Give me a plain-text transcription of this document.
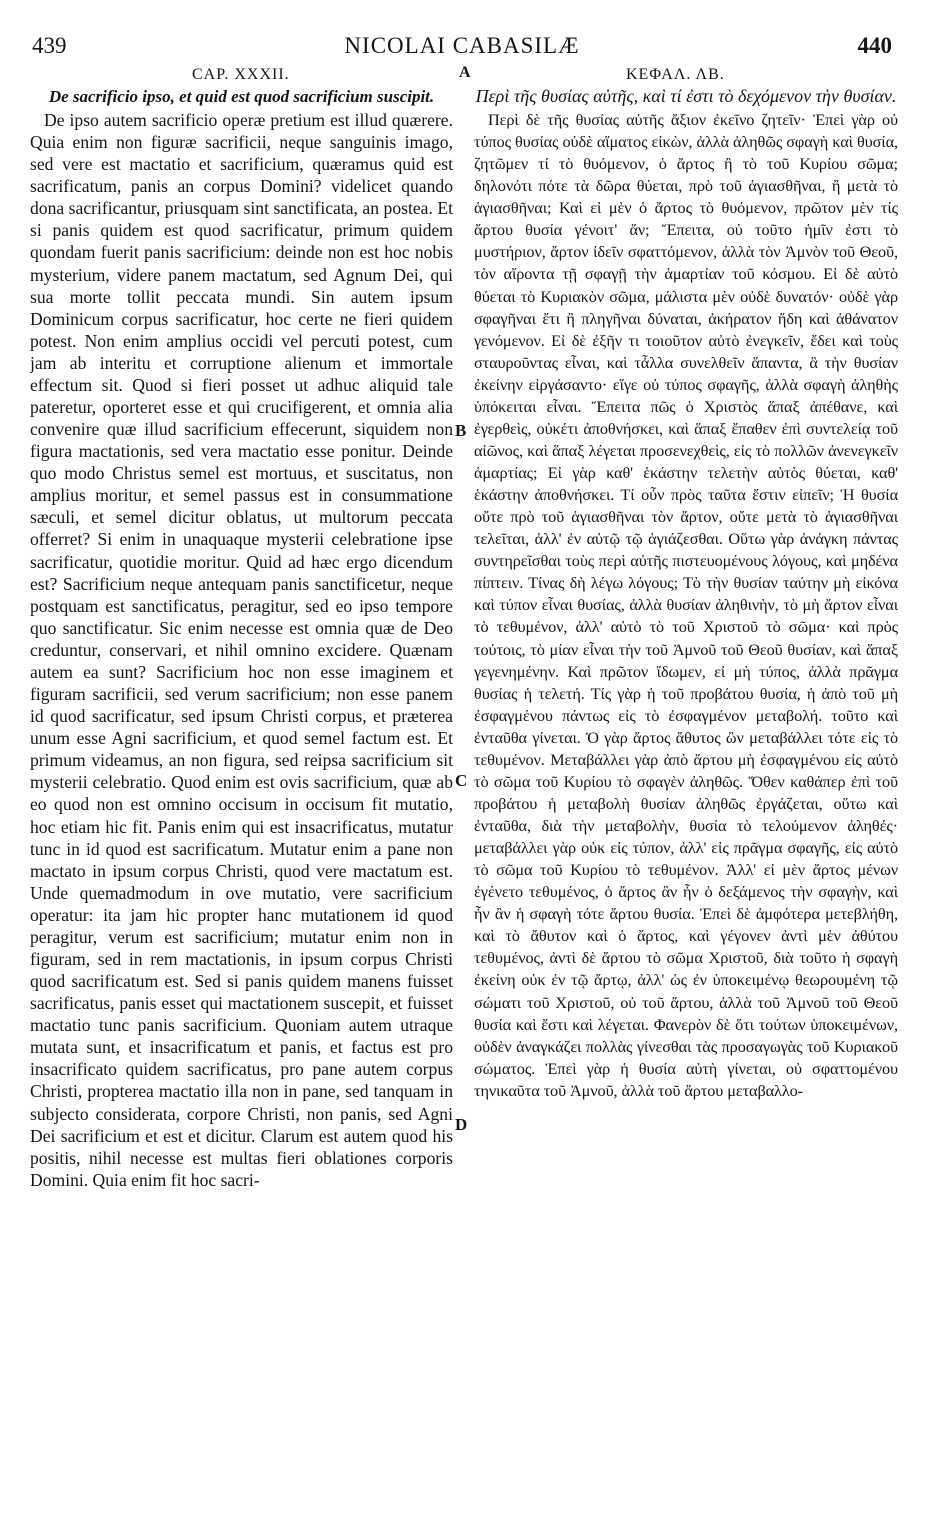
439	NICOLAI CABASILÆ	440
CAP. XXXII.	A	ΚΕΦΑΛ. ΛΒ.

De sacrificio ipso, et quid est quod sacrificium suscipit.

De ipso autem sacrificio operæ pretium est illud quærere. Quia enim non figuræ sacrificii, neque sanguinis imago, sed vere est mactatio et sacrificium, quæramus quid est sacrificatum, panis an corpus Domini? videlicet quando dona sacrificantur, priusquam sint sanctificata, an postea. Et si panis quidem est quod sacrificatur, primum quidem quondam fuerit panis sacrificium: deinde non est hoc nobis mysterium, videre panem mactatum, sed Agnum Dei, qui sua morte tollit peccata mundi. Sin autem ipsum Dominicum corpus sacrificatur, hoc certe ne fieri quidem potest. Non enim amplius occidi vel percuti potest, cum jam ab interitu et corruptione alienum et immortale effectum sit. Quod si fieri posset ut adhuc aliquid tale pateretur, oporteret esse et qui crucifigerent, et omnia alia convenire quæ illud sacrificium effecerunt, siquidem non figura mactationis, sed vera mactatio esse ponitur. Deinde quo modo Christus semel est mortuus, et suscitatus, non amplius moritur, et semel passus est in consummatione sæculi, et semel dicitur oblatus, ut multorum peccata offerret? Si enim in unaquaque mysterii celebratione ipse sacrificatur, quotidie moritur. Quid ad hæc ergo dicendum est? Sacrificium neque antequam panis sanctificetur, neque postquam est sanctificatus, peragitur, sed eo ipso tempore quo sanctificatur. Sic enim necesse est omnia quæ de Deo creduntur, conservari, et nihil omnino excidere. Quænam autem ea sunt? Sacrificium hoc non esse imaginem et figuram sacrificii, sed verum sacrificium; non esse panem id quod sacrificatur, sed ipsum Christi corpus, et præterea unum esse Agni sacrificium, et quod semel factum est. Et primum videamus, an non figura, sed reipsa sacrificium sit mysterii celebratio. Quod enim est ovis sacrificium, quæ ab eo quod non est omnino occisum in occisum fit mutatio, hoc etiam hic fit. Panis enim qui est insacrificatus, mutatur tunc in id quod est sacrificatum. Mutatur enim a pane non mactato in ipsum corpus Christi, quod vere mactatum est. Unde quemadmodum in ove mutatio, vere sacrificium operatur: ita jam hic propter hanc mutationem id quod peragitur, verum est sacrificium; mutatur enim non in figuram, sed in rem mactationis, in ipsum corpus Christi quod sacrificatum est. Sed si panis quidem manens fuisset sacrificatus, panis esset qui mactationem suscepit, et fuisset mactatio tunc panis sacrificium. Quoniam autem utraque mutata sunt, et insacrificatum et panis, et factus est pro insacrificato quidem sacrificatus, pro pane autem corpus Christi, propterea mactatio illa non in pane, sed tanquam in subjecto considerata, corpore Christi, non panis, sed Agni Dei sacrificium et est et dicitur. Clarum est autem quod his positis, nihil necesse est multas fieri oblationes corporis Domini. Quia enim fit hoc sacri-

B
C
D

Περὶ τῆς θυσίας αὐτῆς, καὶ τί ἐστι τὸ δεχόμενον τὴν θυσίαν.

Περὶ δὲ τῆς θυσίας αὐτῆς ἄξιον ἐκεῖνο ζητεῖν· Ἐπεὶ γὰρ οὐ τύπος θυσίας οὐδὲ αἵματος εἰκὼν, ἀλλὰ ἀληθῶς σφαγὴ καὶ θυσία, ζητῶμεν τί τὸ θυόμενον, ὁ ἄρτος ἢ τὸ τοῦ Κυρίου σῶμα; δηλονότι πότε τὰ δῶρα θύεται, πρὸ τοῦ ἁγιασθῆναι, ἢ μετὰ τὸ ἁγιασθῆναι; Καὶ εἰ μὲν ὁ ἄρτος τὸ θυόμενον, πρῶτον μὲν τίς ἄρτου θυσία γένοιτ' ἄν; Ἔπειτα, οὐ τοῦτο ἡμῖν ἐστι τὸ μυστήριον, ἄρτον ἰδεῖν σφαττόμενον, ἀλλὰ τὸν Ἀμνὸν τοῦ Θεοῦ, τὸν αἴροντα τῇ σφαγῇ τὴν ἁμαρτίαν τοῦ κόσμου. Εἰ δὲ αὐτὸ θύεται τὸ Κυριακὸν σῶμα, μάλιστα μὲν οὐδὲ δυνατόν· οὐδὲ γὰρ σφαγῆναι ἔτι ἢ πληγῆναι δύναται, ἀκήρατον ἤδη καὶ ἀθάνατον γενόμενον. Εἰ δὲ ἐξῆν τι τοιοῦτον αὐτὸ ἐνεγκεῖν, ἔδει καὶ τοὺς σταυροῦντας εἶναι, καὶ τἆλλα συνελθεῖν ἅπαντα, ἃ τὴν θυσίαν ἐκείνην εἰργάσαντο· εἴγε οὐ τύπος σφαγῆς, ἀλλὰ σφαγὴ ἀληθὴς ὑπόκειται εἶναι. Ἔπειτα πῶς ὁ Χριστὸς ἅπαξ ἀπέθανε, καὶ ἐγερθεὶς, οὐκέτι ἀποθνήσκει, καὶ ἅπαξ ἔπαθεν ἐπὶ συντελείᾳ τοῦ αἰῶνος, καὶ ἅπαξ λέγεται προσενεχθεὶς, εἰς τὸ πολλῶν ἀνενεγκεῖν ἁμαρτίας; Εἰ γὰρ καθ' ἑκάστην τελετὴν αὐτὸς θύεται, καθ' ἑκάστην ἀποθνήσκει. Τί οὖν πρὸς ταῦτα ἔστιν εἰπεῖν; Ἡ θυσία οὔτε πρὸ τοῦ ἁγιασθῆναι τὸν ἄρτον, οὔτε μετὰ τὸ ἁγιασθῆναι τελεῖται, ἀλλ' ἐν αὐτῷ τῷ ἁγιάζεσθαι. Οὕτω γὰρ ἀνάγκη πάντας συντηρεῖσθαι τοὺς περὶ αὐτῆς πιστευομένους λόγους, καὶ μηδένα πίπτειν. Τίνας δὴ λέγω λόγους; Τὸ τὴν θυσίαν ταύτην μὴ εἰκόνα καὶ τύπον εἶναι θυσίας, ἀλλὰ θυσίαν ἀληθινὴν, τὸ μὴ ἄρτον εἶναι τὸ τεθυμένον, ἀλλ' αὐτὸ τὸ τοῦ Χριστοῦ τὸ σῶμα· καὶ πρὸς τούτοις, τὸ μίαν εἶναι τὴν τοῦ Ἀμνοῦ τοῦ Θεοῦ θυσίαν, καὶ ἅπαξ γεγενημένην. Καὶ πρῶτον ἴδωμεν, εἰ μὴ τύπος, ἀλλὰ πρᾶγμα θυσίας ἡ τελετή. Τίς γὰρ ἡ τοῦ προβάτου θυσία, ἡ ἀπὸ τοῦ μὴ ἐσφαγμένου πάντως εἰς τὸ ἐσφαγμένον μεταβολή. τοῦτο καὶ ἐνταῦθα γίνεται. Ὁ γὰρ ἄρτος ἄθυτος ὢν μεταβάλλει τότε εἰς τὸ τεθυμένον. Μεταβάλλει γὰρ ἀπὸ ἄρτου μὴ ἐσφαγμένου εἰς αὐτὸ τὸ σῶμα τοῦ Κυρίου τὸ σφαγὲν ἀληθῶς. Ὅθεν καθάπερ ἐπὶ τοῦ προβάτου ἡ μεταβολὴ θυσίαν ἀληθῶς ἐργάζεται, οὕτω καὶ ἐνταῦθα, διὰ τὴν μεταβολὴν, θυσία τὸ τελούμενον ἀληθές· μεταβάλλει γὰρ οὐκ εἰς τύπον, ἀλλ' εἰς πρᾶγμα σφαγῆς, εἰς αὐτὸ τὸ σῶμα τοῦ Κυρίου τὸ τεθυμένον. Ἀλλ' εἰ μὲν ἄρτος μένων ἐγένετο τεθυμένος, ὁ ἄρτος ἂν ἦν ὁ δεξάμενος τὴν σφαγὴν, καὶ ἦν ἂν ἡ σφαγὴ τότε ἄρτου θυσία. Ἐπεὶ δὲ ἀμφότερα μετεβλήθη, καὶ τὸ ἄθυτον καὶ ὁ ἄρτος, καὶ γέγονεν ἀντὶ μὲν ἀθύτου τεθυμένος, ἀντὶ δὲ ἄρτου τὸ σῶμα Χριστοῦ, διὰ τοῦτο ἡ σφαγὴ ἐκείνη οὐκ ἐν τῷ ἄρτῳ, ἀλλ' ὡς ἐν ὑποκειμένῳ θεωρουμένη τῷ σώματι τοῦ Χριστοῦ, οὐ τοῦ ἄρτου, ἀλλὰ τοῦ Ἀμνοῦ τοῦ Θεοῦ θυσία καὶ ἔστι καὶ λέγεται. Φανερὸν δὲ ὅτι τούτων ὑποκειμένων, οὐδὲν ἀναγκάζει πολλὰς γίνεσθαι τὰς προσαγωγὰς τοῦ Κυριακοῦ σώματος. Ἐπεὶ γὰρ ἡ θυσία αὐτὴ γίνεται, οὐ σφαττομένου τηνικαῦτα τοῦ Ἀμνοῦ, ἀλλὰ τοῦ ἄρτου μεταβαλλο-
